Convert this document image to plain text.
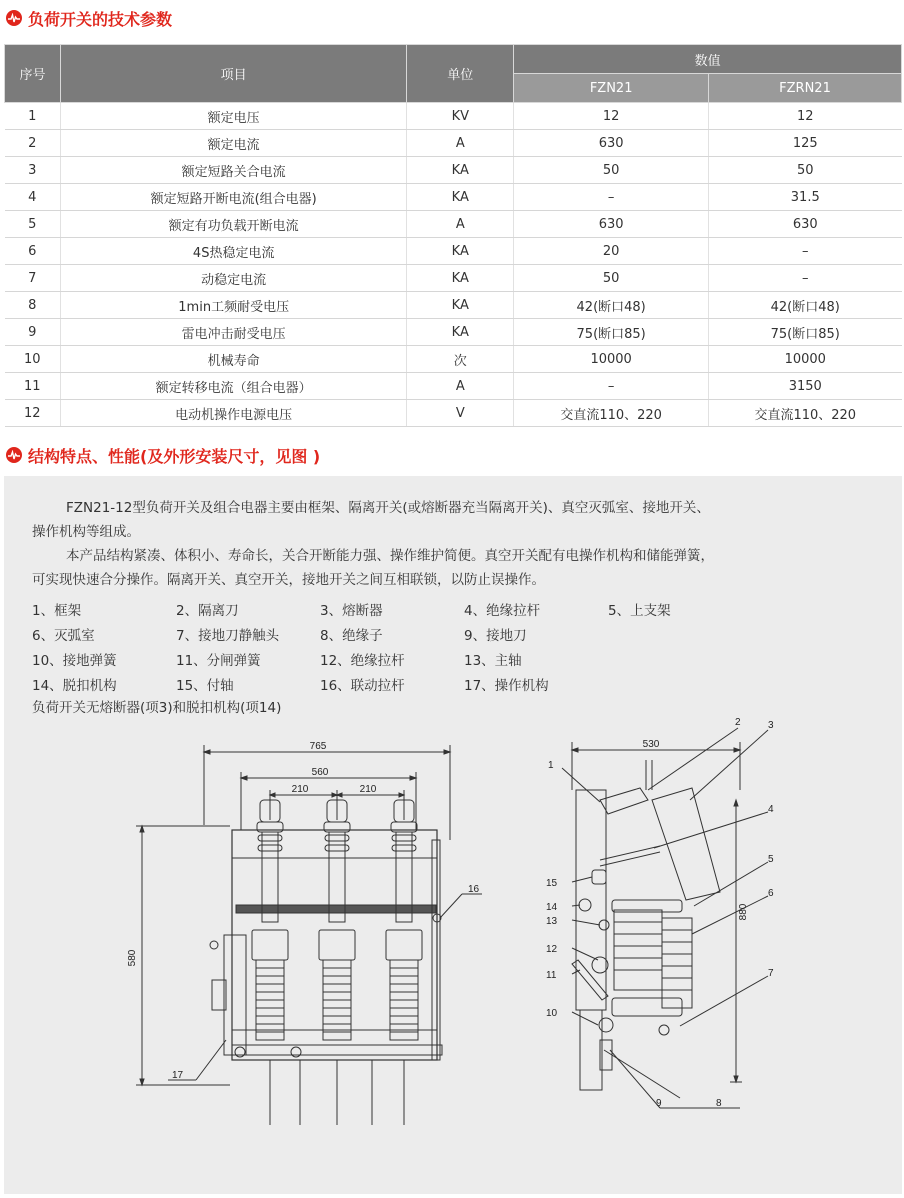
负荷开关的技术参数
序号	项目	单位	数值	
			FZN21	FZRN21
1	额定电压	KV	12	12
2	额定电流	A	630	125
3	额定短路关合电流	KA	50	50
4	额定短路开断电流(组合电器)	KA	–	31.5
5	额定有功负载开断电流	A	630	630
6	4S热稳定电流	KA	20	–
7	动稳定电流	KA	50	–
8	1min工频耐受电压	KA	42(断口48)	42(断口48)
9	雷电冲击耐受电压	KA	75(断口85)	75(断口85)
10	机械寿命	次	10000	10000
11	额定转移电流（组合电器）	A	–	3150
12	电动机操作电源电压	V	交直流110、220	交直流110、220
结构特点、性能(及外形安装尺寸，见图 )
FZN21-12型负荷开关及组合电器主要由框架、隔离开关(或熔断器充当隔离开关)、真空灭弧室、接地开关、
操作机构等组成。
本产品结构紧凑、体积小、寿命长，关合开断能力强、操作维护简便。真空开关配有电操作机构和储能弹簧，
可实现快速合分操作。隔离开关、真空开关，接地开关之间互相联锁，以防止误操作。
1、框架	2、隔离刀	3、熔断器	4、绝缘拉杆	5、上支架
6、灭弧室	7、接地刀静触头	8、绝缘子	9、接地刀
10、接地弹簧	11、分闸弹簧	12、绝缘拉杆	13、主轴
14、脱扣机构	15、付轴	16、联动拉杆	17、操作机构
负荷开关无熔断器(项3)和脱扣机构(项14)
765
560
210	210
580
16
17
530
880
1
2	3
4
5
6
7
8
9
10
11
12
13
14
15
